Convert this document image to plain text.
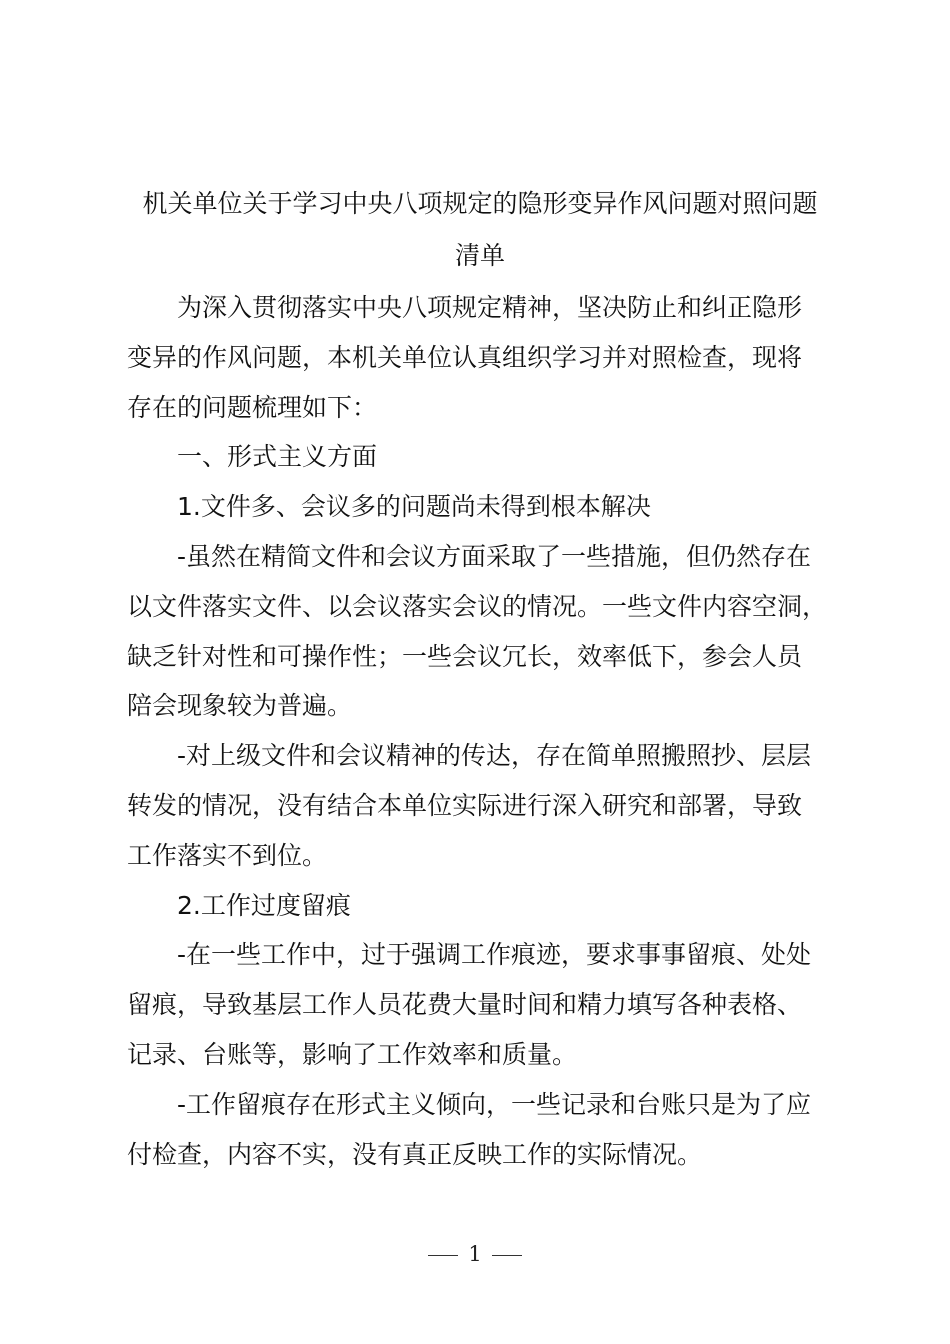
机关单位关于学习中央八项规定的隐形变异作风问题对照问题
清单
为深入贯彻落实中央八项规定精神，坚决防止和纠正隐形
变异的作风问题，本机关单位认真组织学习并对照检查，现将
存在的问题梳理如下：
一、形式主义方面
1.文件多、会议多的问题尚未得到根本解决
-虽然在精简文件和会议方面采取了一些措施，但仍然存在
以文件落实文件、以会议落实会议的情况。一些文件内容空洞，
缺乏针对性和可操作性；一些会议冗长，效率低下，参会人员
陪会现象较为普遍。
-对上级文件和会议精神的传达，存在简单照搬照抄、层层
转发的情况，没有结合本单位实际进行深入研究和部署，导致
工作落实不到位。
2.工作过度留痕
-在一些工作中，过于强调工作痕迹，要求事事留痕、处处
留痕，导致基层工作人员花费大量时间和精力填写各种表格、
记录、台账等，影响了工作效率和质量。
-工作留痕存在形式主义倾向，一些记录和台账只是为了应
付检查，内容不实，没有真正反映工作的实际情况。
1
